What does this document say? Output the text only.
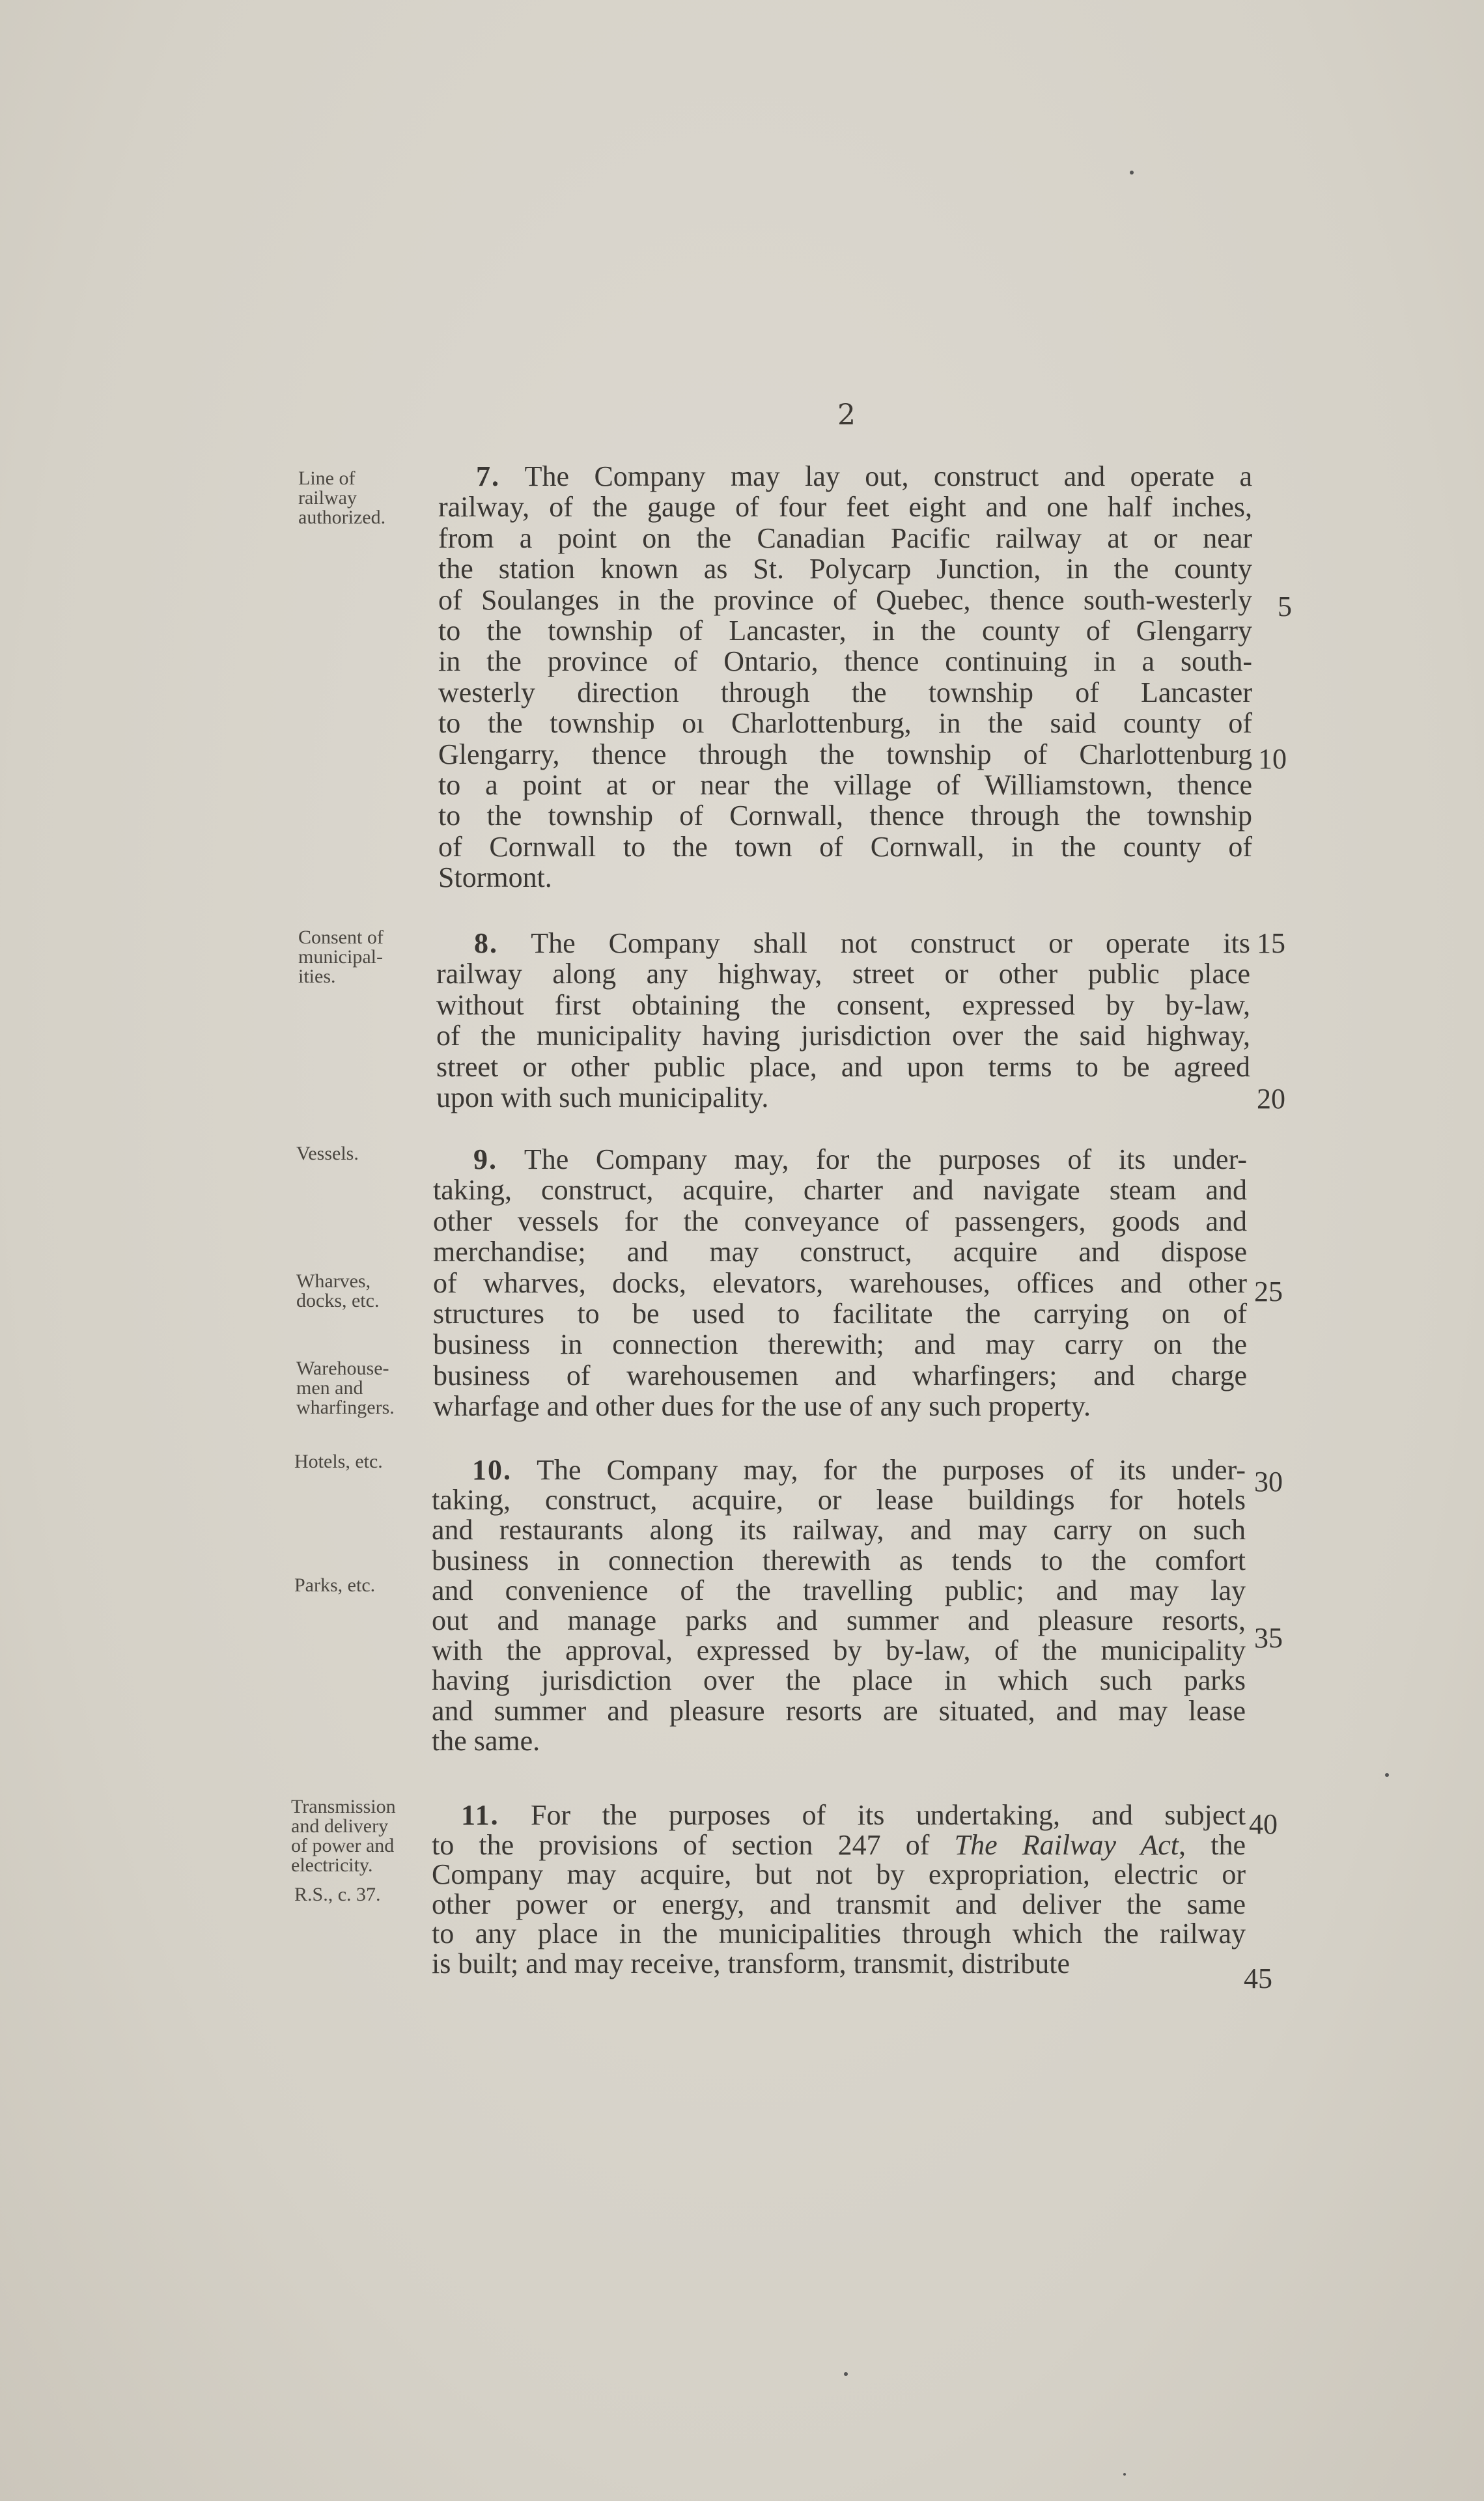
2
Line of
railway
authorized.
Consent of
municipal-
ities.
Vessels.
Wharves,
docks, etc.
Warehouse-
men and
wharfingers.
Hotels, etc.
Parks, etc.
Transmission
and delivery
of power and
electricity.
R.S., c. 37.
7. The Company may lay out, construct and operate a
railway, of the gauge of four feet eight and one half inches,
from a point on the Canadian Pacific railway at or near
the station known as St. Polycarp Junction, in the county
of Soulanges in the province of Quebec, thence south-westerly
to the township of Lancaster, in the county of Glengarry
in the province of Ontario, thence continuing in a south-
westerly direction through the township of Lancaster
to the township oı Charlottenburg, in the said county of
Glengarry, thence through the township of Charlottenburg
to a point at or near the village of Williamstown, thence
to the township of Cornwall, thence through the township
of Cornwall to the town of Cornwall, in the county of
Stormont.
8. The Company shall not construct or operate its
railway along any highway, street or other public place
without first obtaining the consent, expressed by by-law,
of the municipality having jurisdiction over the said highway,
street or other public place, and upon terms to be agreed
upon with such municipality.
9. The Company may, for the purposes of its under-
taking, construct, acquire, charter and navigate steam and
other vessels for the conveyance of passengers, goods and
merchandise; and may construct, acquire and dispose
of wharves, docks, elevators, warehouses, offices and other
structures to be used to facilitate the carrying on of
business in connection therewith; and may carry on the
business of warehousemen and wharfingers; and charge
wharfage and other dues for the use of any such property.
10. The Company may, for the purposes of its under-
taking, construct, acquire, or lease buildings for hotels
and restaurants along its railway, and may carry on such
business in connection therewith as tends to the comfort
and convenience of the travelling public; and may lay
out and manage parks and summer and pleasure resorts,
with the approval, expressed by by-law, of the municipality
having jurisdiction over the place in which such parks
and summer and pleasure resorts are situated, and may lease
the same.
11. For the purposes of its undertaking, and subject
to the provisions of section 247 of The Railway Act, the
Company may acquire, but not by expropriation, electric or
other power or energy, and transmit and deliver the same
to any place in the municipalities through which the railway
is built; and may receive, transform, transmit, distribute
5
10
15
20
25
30
35
40
45
